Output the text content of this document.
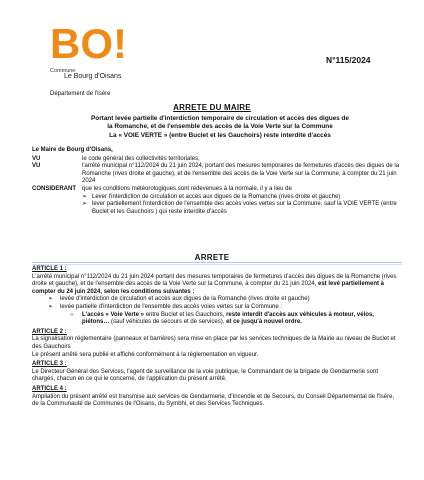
BO!
Commune
Le Bourg d'Oisans
Département de l'Isère
N°115/2024
ARRETE DU MAIRE
Portant levée partielle d'interdiction temporaire de circulation et accès des digues de
la Romanche, et de l'ensemble des accès de la Voie Verte sur la Commune
La « VOIE VERTE » (entre Buclet et les Gauchoirs) reste interdite d'accès
Le Maire de Bourg d'Oisans,
VU	le code général des collectivités territoriales;
VU	l'arrêté municipal n°112/2024 du 21 juin 2024, portant des mesures temporaires de fermetures d'accès des digues de la Romanche (rives droite et gauche), et de l'ensemble des accès de la Voie Verte sur la Commune, à compter du 21 juin 2024
CONSIDERANT que les conditions météorologiques sont redevenues à la normale, il y a lieu de
➢ Lever l'interdiction de circulation et accès aux digues de la Romanche (rives droite et gauche)
➢ lever partiellement l'interdiction de l'ensemble des accès voies vertes sur la Commune, sauf la VOIE VERTE (entre Buclet et les Gauchoirs ) qui reste interdite d'accès
ARRETE
ARTICLE 1 :
L'arrêté municipal n°112/2024 du 21 juin 2024 portant des mesures temporaires de fermetures d'accès des digues de la Romanche (rives droite et gauche), et de l'ensemble des accès de la Voie Verte sur la Commune, à compter du 21 juin 2024, est levé partiellement à compter du 24 juin 2024, selon les conditions suivantes :
➢	levée d'interdiction de circulation et accès aux digues de la Romanche (rives droite et gauche)
➢	levée partielle d'interdiction de l'ensemble des accès voies vertes sur la Commune :
○	L'accès « Voie Verte » entre Buclet et les Gauchoirs, reste interdit d'accès aux véhicules à moteur, vélos, piétons… (sauf véhicules de secours et de services), et ce jusqu'à nouvel ordre.
ARTICLE 2 :
La signalisation réglementaire (panneaux et barrières) sera mise en place par les services techniques de la Mairie au niveau de Buclet et des Gauchoirs
Le présent arrêté sera publié et affiché conformément à la réglementation en vigueur.
ARTICLE 3 :
Le Directeur Général des Services, l'agent de surveillance de la voie publique, le Commandant de la brigade de Gendarmerie sont chargés, chacun en ce qui le concerne, de l'application du présent arrêté.
ARTICLE 4 :
Ampliation du présent arrêté est transmise aux services de Gendarmerie, d'Incendie et de Secours, du Conseil Départemental de l'Isère, de la Communauté de Communes de l'Oisans, du Symbhi, et des Services Techniques.
